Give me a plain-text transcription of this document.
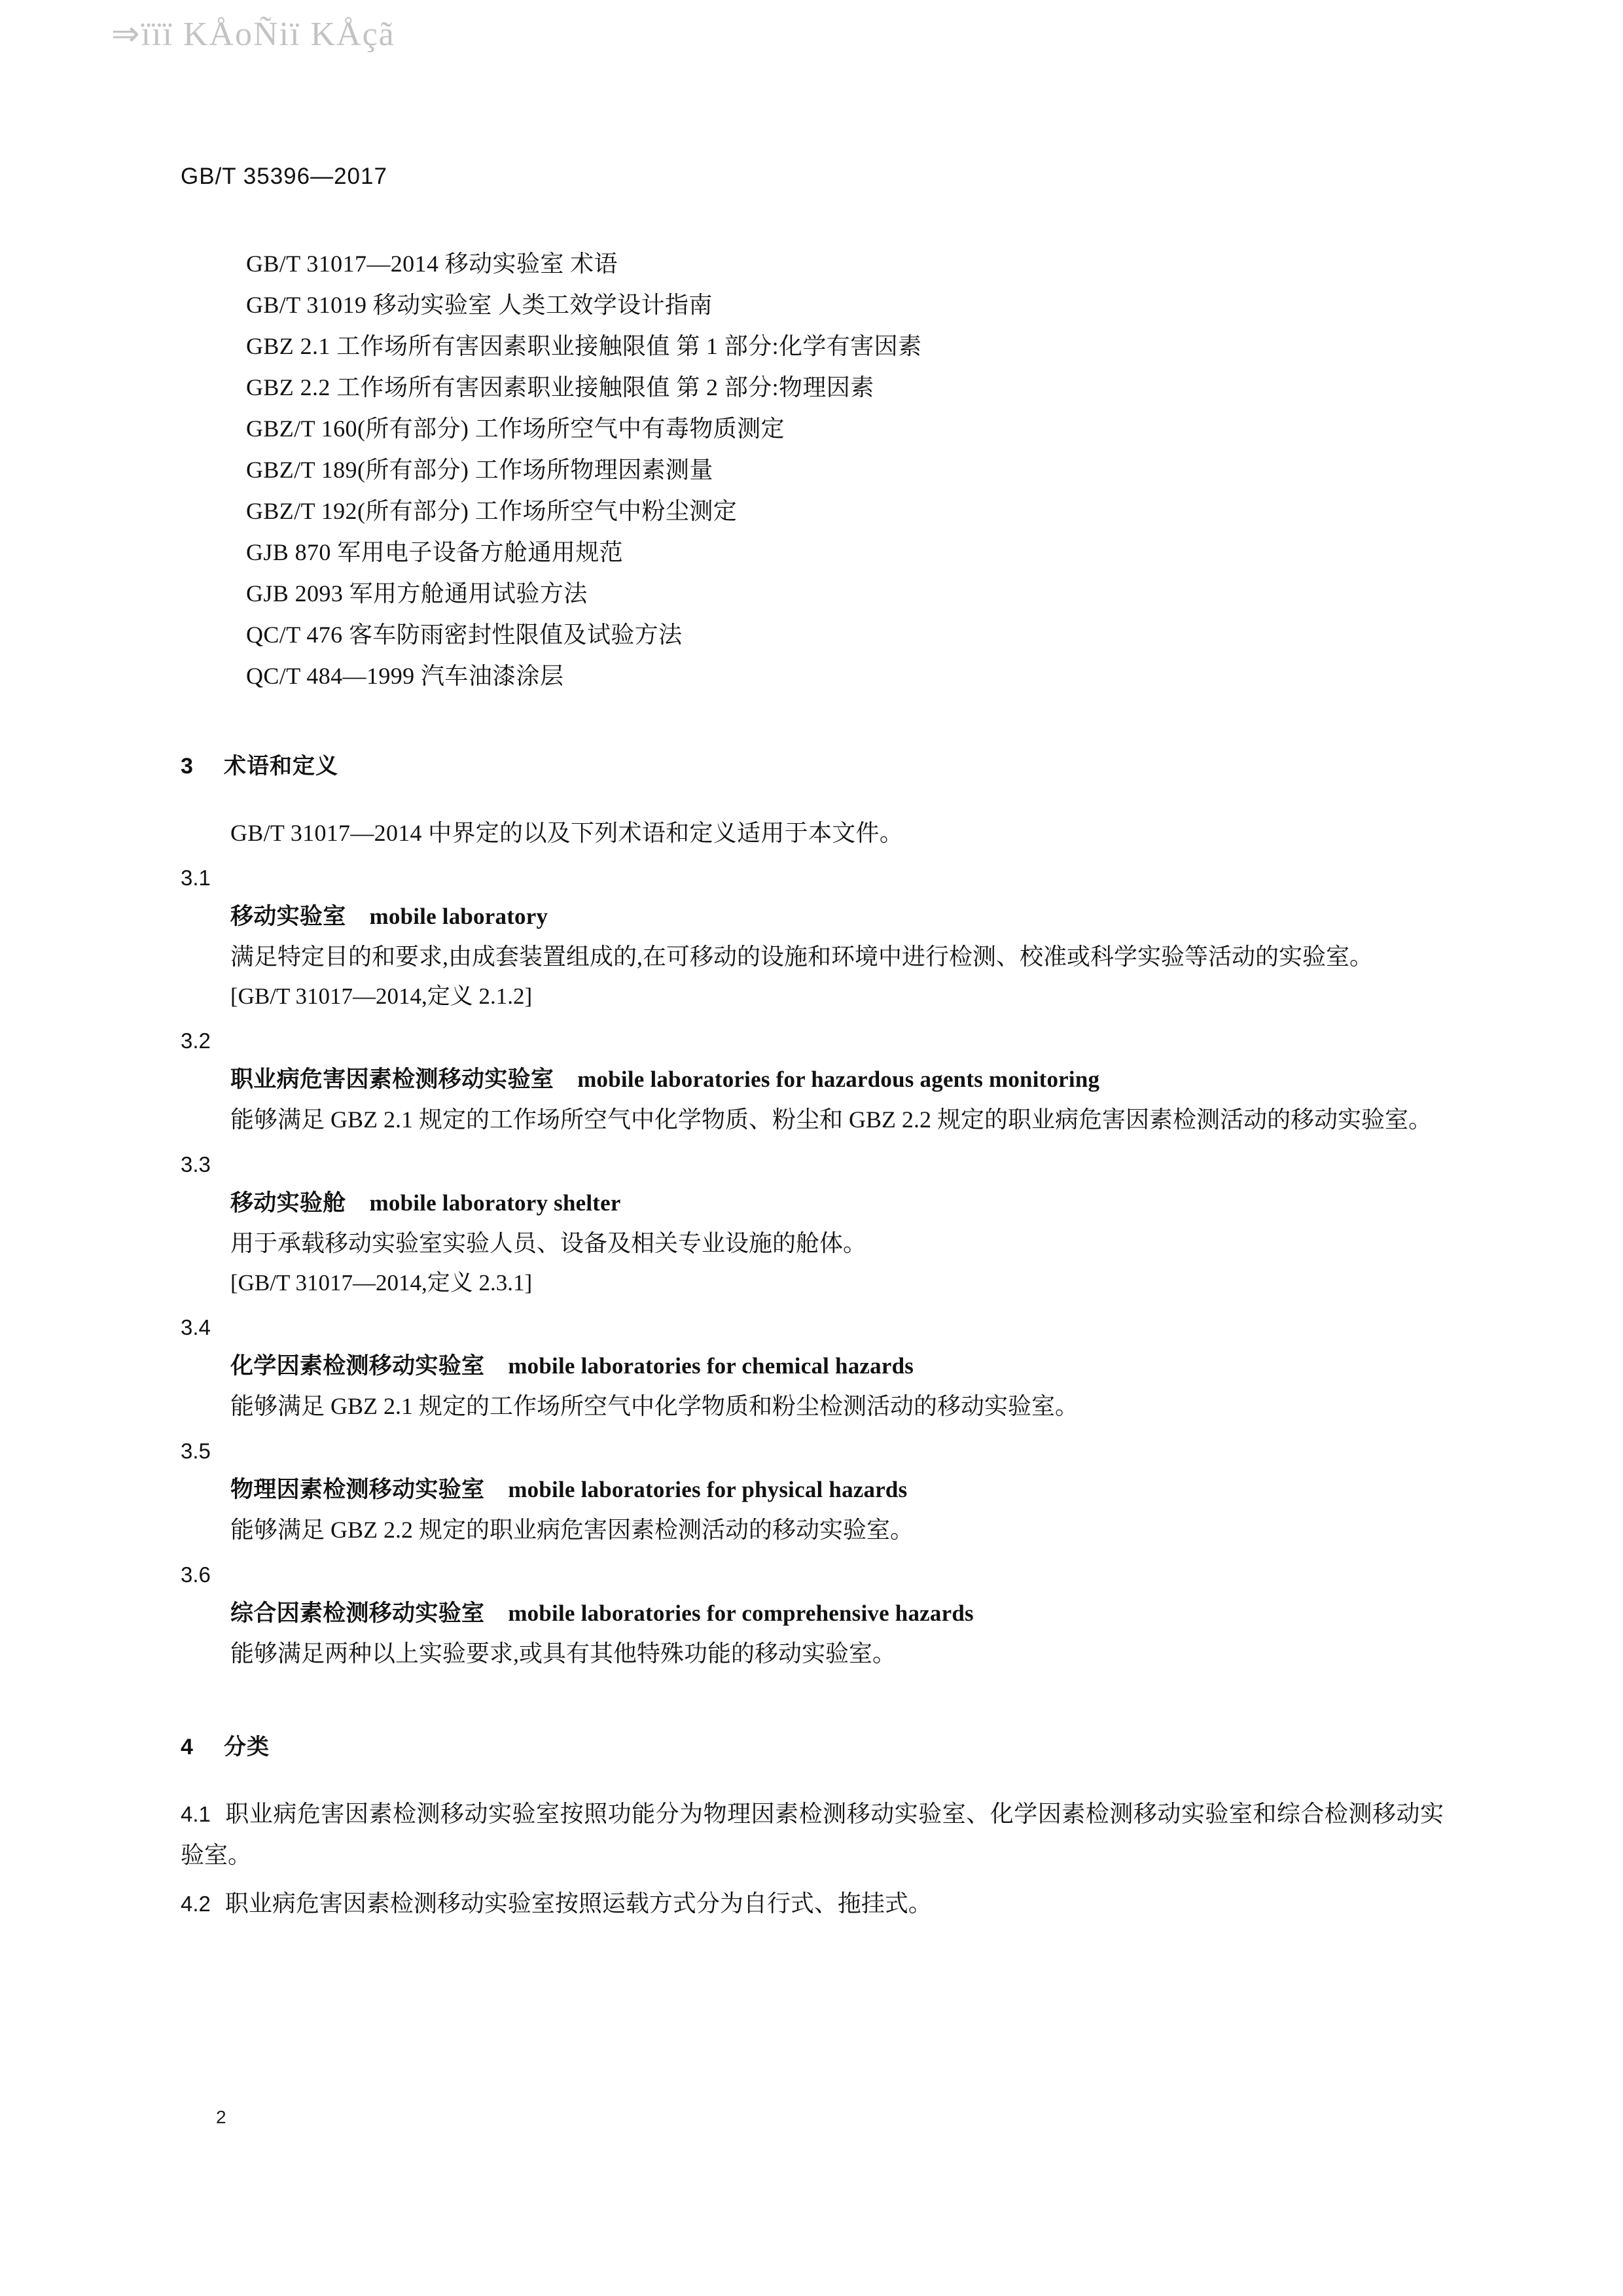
⇒ïïï KÅoÑiï KÅçã
GB/T 35396—2017
GB/T 31017—2014 移动实验室 术语
GB/T 31019 移动实验室 人类工效学设计指南
GBZ 2.1 工作场所有害因素职业接触限值 第 1 部分:化学有害因素
GBZ 2.2 工作场所有害因素职业接触限值 第 2 部分:物理因素
GBZ/T 160(所有部分) 工作场所空气中有毒物质测定
GBZ/T 189(所有部分) 工作场所物理因素测量
GBZ/T 192(所有部分) 工作场所空气中粉尘测定
GJB 870 军用电子设备方舱通用规范
GJB 2093 军用方舱通用试验方法
QC/T 476 客车防雨密封性限值及试验方法
QC/T 484—1999 汽车油漆涂层
3 术语和定义
GB/T 31017—2014 中界定的以及下列术语和定义适用于本文件。
3.1
移动实验室 mobile laboratory
满足特定目的和要求,由成套装置组成的,在可移动的设施和环境中进行检测、校准或科学实验等活动的实验室。
[GB/T 31017—2014,定义 2.1.2]
3.2
职业病危害因素检测移动实验室 mobile laboratories for hazardous agents monitoring
能够满足 GBZ 2.1 规定的工作场所空气中化学物质、粉尘和 GBZ 2.2 规定的职业病危害因素检测活动的移动实验室。
3.3
移动实验舱 mobile laboratory shelter
用于承载移动实验室实验人员、设备及相关专业设施的舱体。
[GB/T 31017—2014,定义 2.3.1]
3.4
化学因素检测移动实验室 mobile laboratories for chemical hazards
能够满足 GBZ 2.1 规定的工作场所空气中化学物质和粉尘检测活动的移动实验室。
3.5
物理因素检测移动实验室 mobile laboratories for physical hazards
能够满足 GBZ 2.2 规定的职业病危害因素检测活动的移动实验室。
3.6
综合因素检测移动实验室 mobile laboratories for comprehensive hazards
能够满足两种以上实验要求,或具有其他特殊功能的移动实验室。
4 分类
4.1 职业病危害因素检测移动实验室按照功能分为物理因素检测移动实验室、化学因素检测移动实验室和综合检测移动实验室。
4.2 职业病危害因素检测移动实验室按照运载方式分为自行式、拖挂式。
2
